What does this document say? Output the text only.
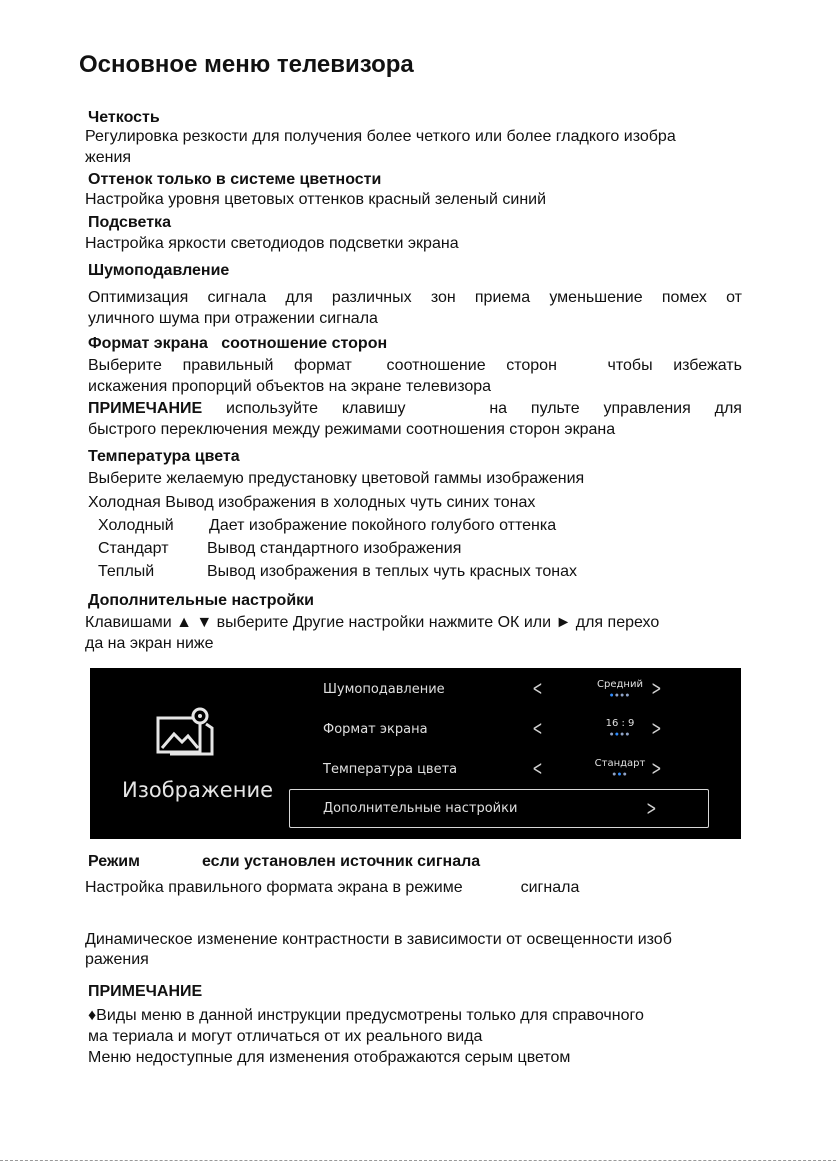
Основное меню телевизора
Четкость
Регулировка резкости для получения более четкого или более гладкого изобра
жения
Оттенок только в системе цветности
Настройка уровня цветовых оттенков красный зеленый синий
Подсветка
Настройка яркости светодиодов подсветки экрана
Шумоподавление
Оптимизация сигнала для различных зон приема уменьшение помех от
уличного шума при отражении сигнала
Формат экрана соотношение сторон
Выберите правильный формат соотношение сторон	чтобы избежать
искажения пропорций объектов на экране телевизора
ПРИМЕЧАНИЕ используйте клавишу	на пульте управления для
быстрого переключения между режимами соотношения сторон экрана
Температура цвета
Выберите желаемую предустановку цветовой гаммы изображения
Холодная Вывод изображения в холодных чуть синих тонах
Холодный Дает изображение покойного голубого оттенка
Стандарт Вывод стандартного изображения
Теплый	Вывод изображения в теплых чуть красных тонах
Дополнительные настройки
Клавишами ▲ ▼ выберите Другие настройки нажмите ОК или ► для перехо
да на экран ниже
Изображение
Шумоподавление	<	Средний
●●●●	>
Формат экрана	<	16 : 9
●●●●	>
Температура цвета	<	Стандарт
●●●	>
Дополнительные настройки	>
Режим	если установлен источник сигнала
Настройка правильного формата экрана в режиме	сигнала
Динамическое изменение контрастности в зависимости от освещенности изоб
ражения
ПРИМЕЧАНИЕ
♦Виды меню в данной инструкции предусмотрены только для справочного
ма териала и могут отличаться от их реального вида
Меню недоступные для изменения отображаются серым цветом
